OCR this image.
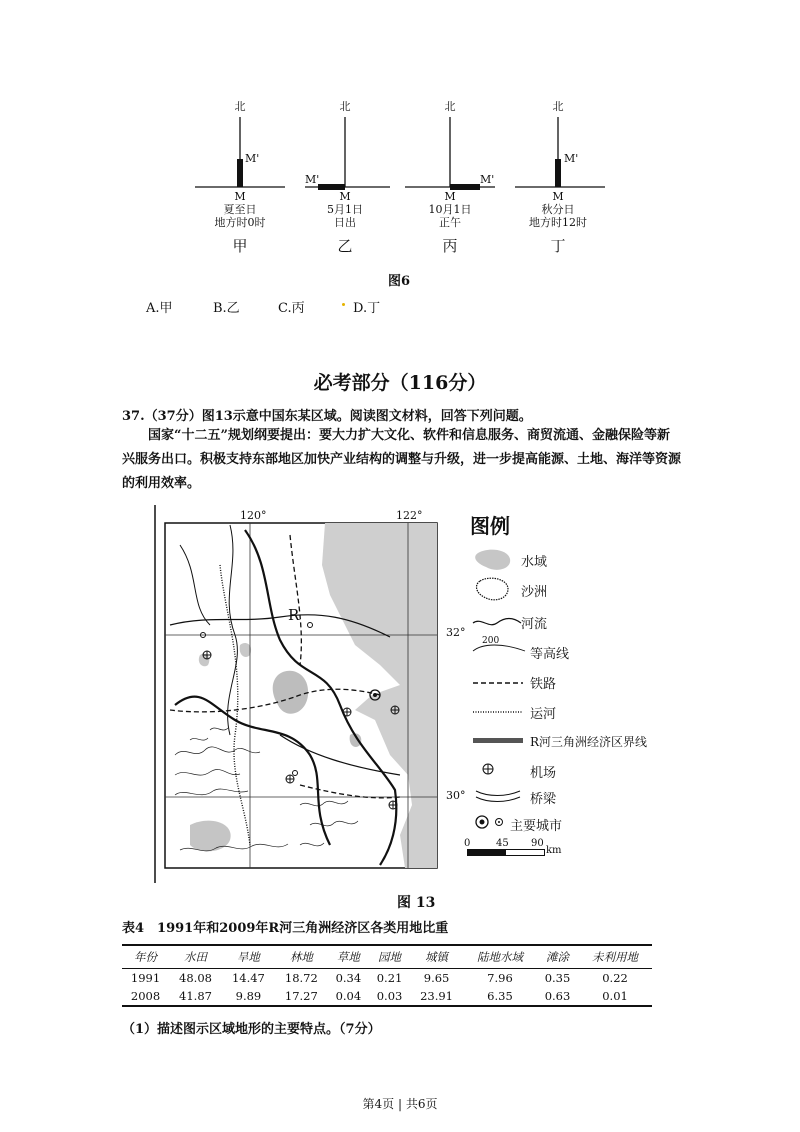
北
M'
M
夏至日
地方时0时
甲
北
M'
M
5月1日
日出
乙
北
M'
M
10月1日
正午
丙
北
M'
M
秋分日
地方时12时
丁
图6
A.甲	B.乙	C.丙	D.丁
必考部分（116分）
37.（37分）图13示意中国东某区域。阅读图文材料，回答下列问题。
国家“十二五”规划纲要提出：要大力扩大文化、软件和信息服务、商贸流通、金融保险等新兴服务出口。积极支持东部地区加快产业结构的调整与升级，进一步提高能源、土地、海洋等资源的利用效率。
120°	122°
32°
30°
R
0	45 90
km
图 13
图例
水域
沙洲
河流
200
等高线
铁路
运河
R河三角洲经济区界线
机场
桥梁
主要城市
表4　1991年和2009年R河三角洲经济区各类用地比重
年份	水田	旱地	林地	草地	园地	城镇	陆地水域	滩涂	未利用地
1991	48.08	14.47	18.72	0.34	0.21	9.65	7.96	0.35	0.22
2008	41.87	9.89	17.27	0.04	0.03	23.91	6.35	0.63	0.01
（1）描述图示区域地形的主要特点。（7分）
第4页 | 共6页
